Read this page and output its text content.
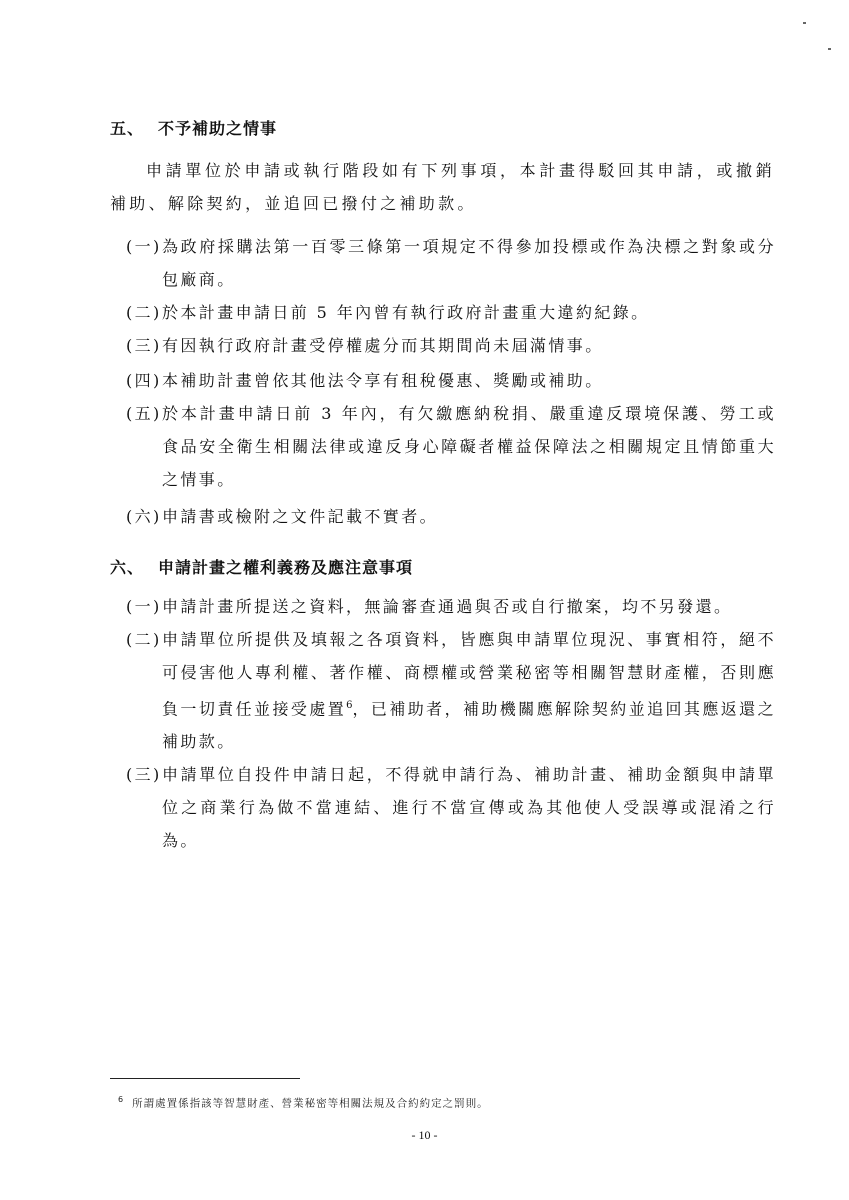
五、 不予補助之情事
申請單位於申請或執行階段如有下列事項，本計畫得駁回其申請，或撤銷補助、解除契約，並追回已撥付之補助款。
(一) 為政府採購法第一百零三條第一項規定不得參加投標或作為決標之對象或分包廠商。
(二) 於本計畫申請日前 5 年內曾有執行政府計畫重大違約紀錄。
(三) 有因執行政府計畫受停權處分而其期間尚未屆滿情事。
(四) 本補助計畫曾依其他法令享有租稅優惠、獎勵或補助。
(五) 於本計畫申請日前 3 年內，有欠繳應納稅捐、嚴重違反環境保護、勞工或食品安全衛生相關法律或違反身心障礙者權益保障法之相關規定且情節重大之情事。
(六) 申請書或檢附之文件記載不實者。
六、 申請計畫之權利義務及應注意事項
(一) 申請計畫所提送之資料，無論審查通過與否或自行撤案，均不另發還。
(二) 申請單位所提供及填報之各項資料，皆應與申請單位現況、事實相符，絕不可侵害他人專利權、著作權、商標權或營業秘密等相關智慧財產權，否則應負一切責任並接受處置$^6$，已補助者，補助機關應解除契約並追回其應返還之補助款。
(三) 申請單位自投件申請日起，不得就申請行為、補助計畫、補助金額與申請單位之商業行為做不當連結、進行不當宣傳或為其他使人受誤導或混淆之行為。
$^6$ 所謂處置係指該等智慧財產、營業秘密等相關法規及合約約定之罰則。
- 10 -
